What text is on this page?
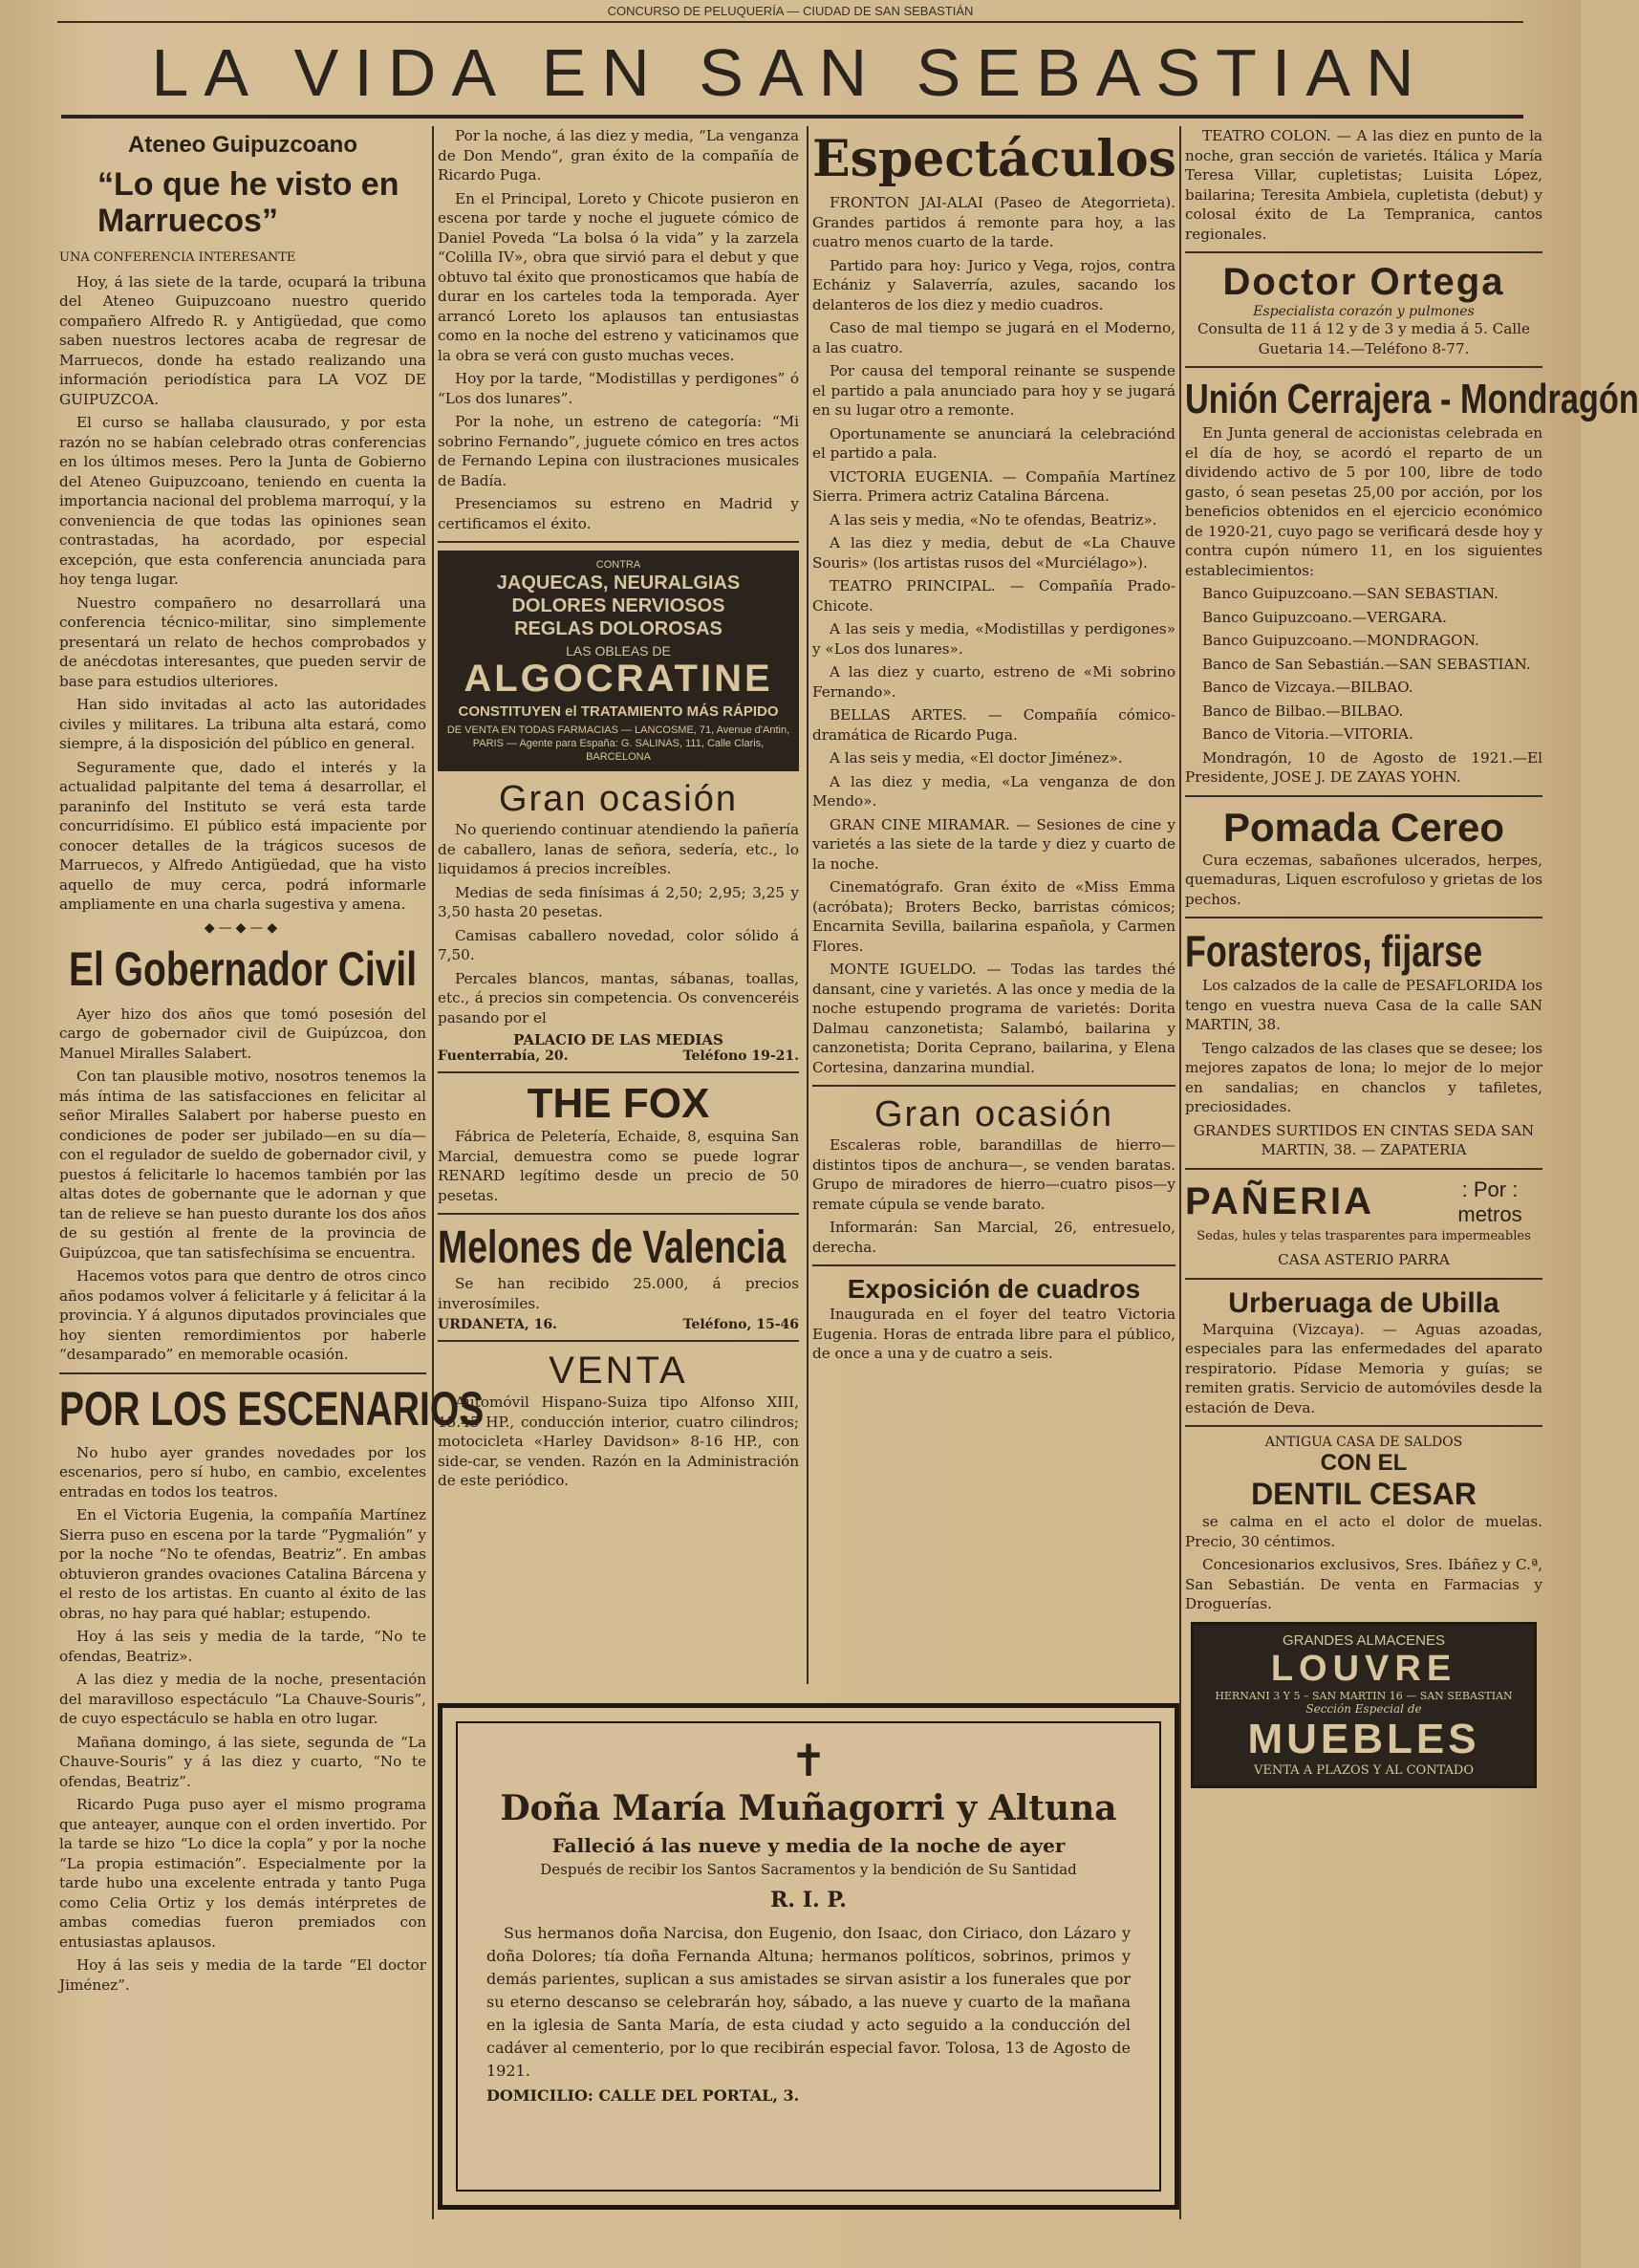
CONCURSO DE PELUQUERÍA — CIUDAD DE SAN SEBASTIÁN
LA VIDA EN SAN SEBASTIAN
Ateneo Guipuzcoano
“Lo que he visto en Marruecos”

UNA CONFERENCIA INTERESANTE

Hoy, á las siete de la tarde, ocupará la tribuna del Ateneo Guipuzcoano nuestro querido compañero Alfredo R. y Antigüedad, que como saben nuestros lectores acaba de regresar de Marruecos, donde ha estado realizando una información periodística para LA VOZ DE GUIPUZCOA.

El curso se hallaba clausurado, y por esta razón no se habían celebrado otras conferencias en los últimos meses. Pero la Junta de Gobierno del Ateneo Guipuzcoano, teniendo en cuenta la importancia nacional del problema marroquí, y la conveniencia de que todas las opiniones sean contrastadas, ha acordado, por especial excepción, que esta conferencia anunciada para hoy tenga lugar.

Nuestro compañero no desarrollará una conferencia técnico-militar, sino simplemente presentará un relato de hechos comprobados y de anécdotas interesantes, que pueden servir de base para estudios ulteriores.

Han sido invitadas al acto las autoridades civiles y militares. La tribuna alta estará, como siempre, á la disposición del público en general.

Seguramente que, dado el interés y la actualidad palpitante del tema á desarrollar, el paraninfo del Instituto se verá esta tarde concurridísimo. El público está impaciente por conocer detalles de la trágicos sucesos de Marruecos, y Alfredo Antigüedad, que ha visto aquello de muy cerca, podrá informarle ampliamente en una charla sugestiva y amena.

◆—◆—◆
El Gobernador Civil

Ayer hizo dos años que tomó posesión del cargo de gobernador civil de Guipúzcoa, don Manuel Miralles Salabert.

Con tan plausible motivo, nosotros tenemos la más íntima de las satisfacciones en felicitar al señor Miralles Salabert por haberse puesto en condiciones de poder ser jubilado—en su día—con el regulador de sueldo de gobernador civil, y puestos á felicitarle lo hacemos también por las altas dotes de gobernante que le adornan y que tan de relieve se han puesto durante los dos años de su gestión al frente de la provincia de Guipúzcoa, que tan satisfechísima se encuentra.

Hacemos votos para que dentro de otros cinco años podamos volver á felicitarle y á felicitar á la provincia. Y á algunos diputados provinciales que hoy sienten remordimientos por haberle “desamparado” en memorable ocasión.

POR LOS ESCENARIOS

No hubo ayer grandes novedades por los escenarios, pero sí hubo, en cambio, excelentes entradas en todos los teatros.

En el Victoria Eugenia, la compañía Martínez Sierra puso en escena por la tarde “Pygmalión” y por la noche “No te ofendas, Beatriz”. En ambas obtuvieron grandes ovaciones Catalina Bárcena y el resto de los artistas. En cuanto al éxito de las obras, no hay para qué hablar; estupendo.

Hoy á las seis y media de la tarde, “No te ofendas, Beatriz».

A las diez y media de la noche, presentación del maravilloso espectáculo “La Chauve-Souris”, de cuyo espectáculo se habla en otro lugar.

Mañana domingo, á las siete, segunda de “La Chauve-Souris” y á las diez y cuarto, “No te ofendas, Beatriz”.

Ricardo Puga puso ayer el mismo programa que anteayer, aunque con el orden invertido. Por la tarde se hizo “Lo dice la copla” y por la noche “La propia estimación”. Especialmente por la tarde hubo una excelente entrada y tanto Puga como Celia Ortiz y los demás intérpretes de ambas comedias fueron premiados con entusiastas aplausos.

Hoy á las seis y media de la tarde “El doctor Jiménez”.

Por la noche, á las diez y media, “La venganza de Don Mendo”, gran éxito de la compañía de Ricardo Puga.

En el Principal, Loreto y Chicote pusieron en escena por tarde y noche el juguete cómico de Daniel Poveda “La bolsa ó la vida” y la zarzela “Colilla IV», obra que sirvió para el debut y que obtuvo tal éxito que pronosticamos que había de durar en los carteles toda la temporada. Ayer arrancó Loreto los aplausos tan entusiastas como en la noche del estreno y vaticinamos que la obra se verá con gusto muchas veces.

Hoy por la tarde, “Modistillas y perdigones” ó “Los dos lunares”.

Por la nohe, un estreno de categoría: “Mi sobrino Fernando”, juguete cómico en tres actos de Fernando Lepina con ilustraciones musicales de Badía.

Presenciamos su estreno en Madrid y certificamos el éxito.

CONTRA
JAQUECAS, NEURALGIAS
DOLORES NERVIOSOS
REGLAS DOLOROSAS
LAS OBLEAS DE
ALGOCRATINE
CONSTITUYEN el TRATAMIENTO MÁS RÁPIDO
DE VENTA EN TODAS FARMACIAS — LANCOSME, 71, Avenue d'Antin, PARIS — Agente para España: G. SALINAS, 111, Calle Claris, BARCELONA
Gran ocasión

No queriendo continuar atendiendo la pañería de caballero, lanas de señora, sedería, etc., lo liquidamos á precios increíbles.

Medias de seda finísimas á 2,50; 2,95; 3,25 y 3,50 hasta 20 pesetas.

Camisas caballero novedad, color sólido á 7,50.

Percales blancos, mantas, sábanas, toallas, etc., á precios sin competencia. Os convenceréis pasando por el

PALACIO DE LAS MEDIAS
Fuenterrabía, 20.	Teléfono 19-21.
THE FOX

Fábrica de Peletería, Echaide, 8, esquina San Marcial, demuestra como se puede lograr RENARD legítimo desde un precio de 50 pesetas.

Melones de Valencia

Se han recibido 25.000, á precios inverosímiles.

URDANETA, 16.	Teléfono, 15-46
VENTA

Automóvil Hispano-Suiza tipo Alfonso XIII, 15.45 HP., conducción interior, cuatro cilindros; motocicleta «Harley Davidson» 8-16 HP., con side-car, se venden. Razón en la Administración de este periódico.

Espectáculos

FRONTON JAI-ALAI (Paseo de Ategorrieta). Grandes partidos á remonte para hoy, a las cuatro menos cuarto de la tarde.

Partido para hoy: Jurico y Vega, rojos, contra Echániz y Salaverría, azules, sacando los delanteros de los diez y medio cuadros.

Caso de mal tiempo se jugará en el Moderno, a las cuatro.

Por causa del temporal reinante se suspende el partido a pala anunciado para hoy y se jugará en su lugar otro a remonte.

Oportunamente se anunciará la celebraciónd el partido a pala.

VICTORIA EUGENIA. — Compañía Martínez Sierra. Primera actriz Catalina Bárcena.

A las seis y media, «No te ofendas, Beatriz».

A las diez y media, debut de «La Chauve Souris» (los artistas rusos del «Murciélago»).

TEATRO PRINCIPAL. — Compañía Prado-Chicote.

A las seis y media, «Modistillas y perdigones» y «Los dos lunares».

A las diez y cuarto, estreno de «Mi sobrino Fernando».

BELLAS ARTES. — Compañía cómico-dramática de Ricardo Puga.

A las seis y media, «El doctor Jiménez».

A las diez y media, «La venganza de don Mendo».

GRAN CINE MIRAMAR. — Sesiones de cine y varietés a las siete de la tarde y diez y cuarto de la noche.

Cinematógrafo. Gran éxito de «Miss Emma (acróbata); Broters Becko, barristas cómicos; Encarnita Sevilla, bailarina española, y Carmen Flores.

MONTE IGUELDO. — Todas las tardes thé dansant, cine y varietés. A las once y media de la noche estupendo programa de varietés: Dorita Dalmau canzonetista; Salambó, bailarina y canzonetista; Dorita Ceprano, bailarina, y Elena Cortesina, danzarina mundial.

Gran ocasión

Escaleras roble, barandillas de hierro—distintos tipos de anchura—, se venden baratas. Grupo de miradores de hierro—cuatro pisos—y remate cúpula se vende barato.

Informarán: San Marcial, 26, entresuelo, derecha.

Exposición de cuadros

Inaugurada en el foyer del teatro Victoria Eugenia. Horas de entrada libre para el público, de once a una y de cuatro a seis.

TEATRO COLON. — A las diez en punto de la noche, gran sección de varietés. Itálica y María Teresa Villar, cupletistas; Luisita López, bailarina; Teresita Ambiela, cupletista (debut) y colosal éxito de La Tempranica, cantos regionales.

Doctor Ortega
Especialista corazón y pulmones

Consulta de 11 á 12 y de 3 y media á 5. Calle Guetaria 14.—Teléfono 8-77.

Unión Cerrajera - Mondragón

En Junta general de accionistas celebrada en el día de hoy, se acordó el reparto de un dividendo activo de 5 por 100, libre de todo gasto, ó sean pesetas 25,00 por acción, por los beneficios obtenidos en el ejercicio económico de 1920-21, cuyo pago se verificará desde hoy y contra cupón número 11, en los siguientes establecimientos:

Banco Guipuzcoano.—SAN SEBASTIAN.

Banco Guipuzcoano.—VERGARA.

Banco Guipuzcoano.—MONDRAGON.

Banco de San Sebastián.—SAN SEBASTIAN.

Banco de Vizcaya.—BILBAO.

Banco de Bilbao.—BILBAO.

Banco de Vitoria.—VITORIA.

Mondragón, 10 de Agosto de 1921.—El Presidente, JOSE J. DE ZAYAS YOHN.

Pomada Cereo

Cura eczemas, sabañones ulcerados, herpes, quemaduras, Liquen escrofuloso y grietas de los pechos.

Forasteros, fijarse

Los calzados de la calle de PESAFLORIDA los tengo en vuestra nueva Casa de la calle SAN MARTIN, 38.

Tengo calzados de las clases que se desee; los mejores zapatos de lona; lo mejor de lo mejor en sandalias; en chanclos y tafiletes, preciosidades.

GRANDES SURTIDOS EN CINTAS SEDA SAN MARTIN, 38. — ZAPATERIA

PAÑERIA	: Por : metros

Sedas, hules y telas trasparentes para impermeables

CASA ASTERIO PARRA

Urberuaga de Ubilla

Marquina (Vizcaya). — Aguas azoadas, especiales para las enfermedades del aparato respiratorio. Pídase Memoria y guías; se remiten gratis. Servicio de automóviles desde la estación de Deva.

ANTIGUA CASA DE SALDOS
CON EL
DENTIL CESAR

se calma en el acto el dolor de muelas. Precio, 30 céntimos.

Concesionarios exclusivos, Sres. Ibáñez y C.ª, San Sebastián. De venta en Farmacias y Droguerías.

GRANDES ALMACENES
LOUVRE
HERNANI 3 Y 5 – SAN MARTIN 16 — SAN SEBASTIAN
Sección Especial de
MUEBLES
VENTA A PLAZOS Y AL CONTADO
✝
Doña María Muñagorri y Altuna
Falleció á las nueve y media de la noche de ayer
Después de recibir los Santos Sacramentos y la bendición de Su Santidad
R. I. P.

Sus hermanos doña Narcisa, don Eugenio, don Isaac, don Ciriaco, don Lázaro y doña Dolores; tía doña Fernanda Altuna; hermanos políticos, sobrinos, primos y demás parientes, suplican a sus amistades se sirvan asistir a los funerales que por su eterno descanso se celebrarán hoy, sábado, a las nueve y cuarto de la mañana en la iglesia de Santa María, de esta ciudad y acto seguido a la conducción del cadáver al cementerio, por lo que recibirán especial favor. Tolosa, 13 de Agosto de 1921.

DOMICILIO: CALLE DEL PORTAL, 3.
